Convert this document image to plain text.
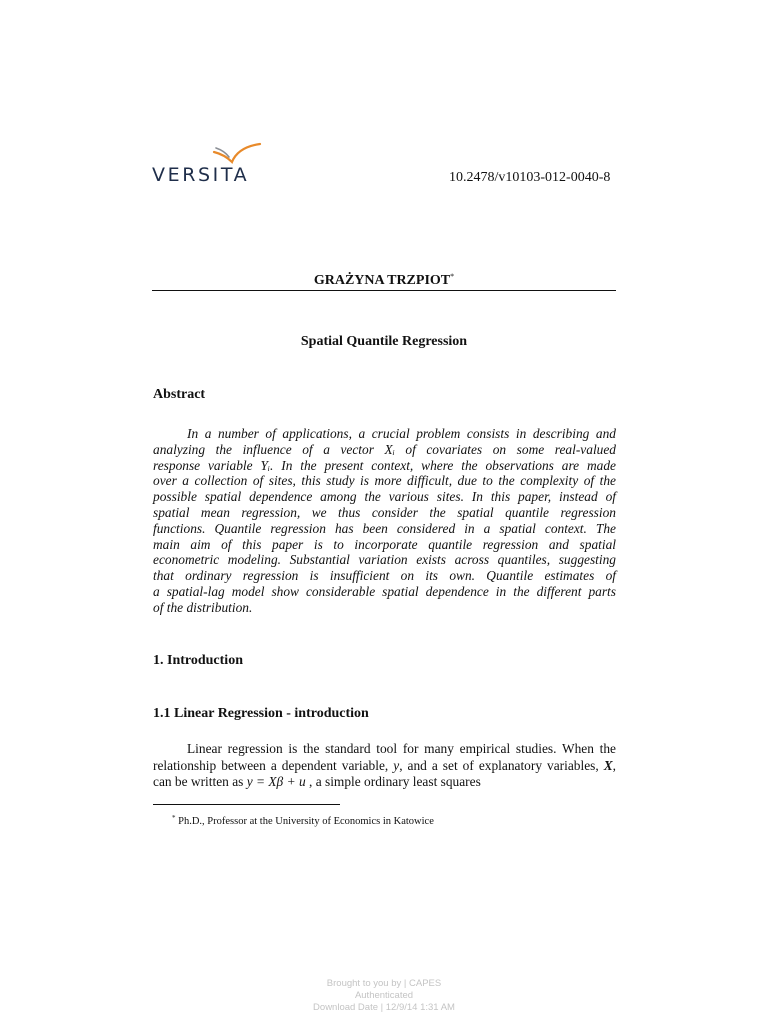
VERSITA	10.2478/v10103-012-0040-8
GRAŻYNA TRZPIOT*
Spatial Quantile Regression
Abstract
In a number of applications, a crucial problem consists in describing and
analyzing the influence of a vector Xᵢ of covariates on some real-valued
response variable Yᵢ. In the present context, where the observations are made
over a collection of sites, this study is more difficult, due to the complexity of the
possible spatial dependence among the various sites. In this paper, instead of
spatial mean regression, we thus consider the spatial quantile regression
functions. Quantile regression has been considered in a spatial context. The
main aim of this paper is to incorporate quantile regression and spatial
econometric modeling. Substantial variation exists across quantiles, suggesting
that ordinary regression is insufficient on its own. Quantile estimates of
a spatial-lag model show considerable spatial dependence in the different parts
of the distribution.
1. Introduction
1.1 Linear Regression - introduction
Linear regression is the standard tool for many empirical studies. When the relationship between a dependent variable, y, and a set of explanatory variables, X, can be written as y = Xβ + u , a simple ordinary least squares
* Ph.D., Professor at the University of Economics in Katowice
Brought to you by | CAPES
Authenticated
Download Date | 12/9/14 1:31 AM
